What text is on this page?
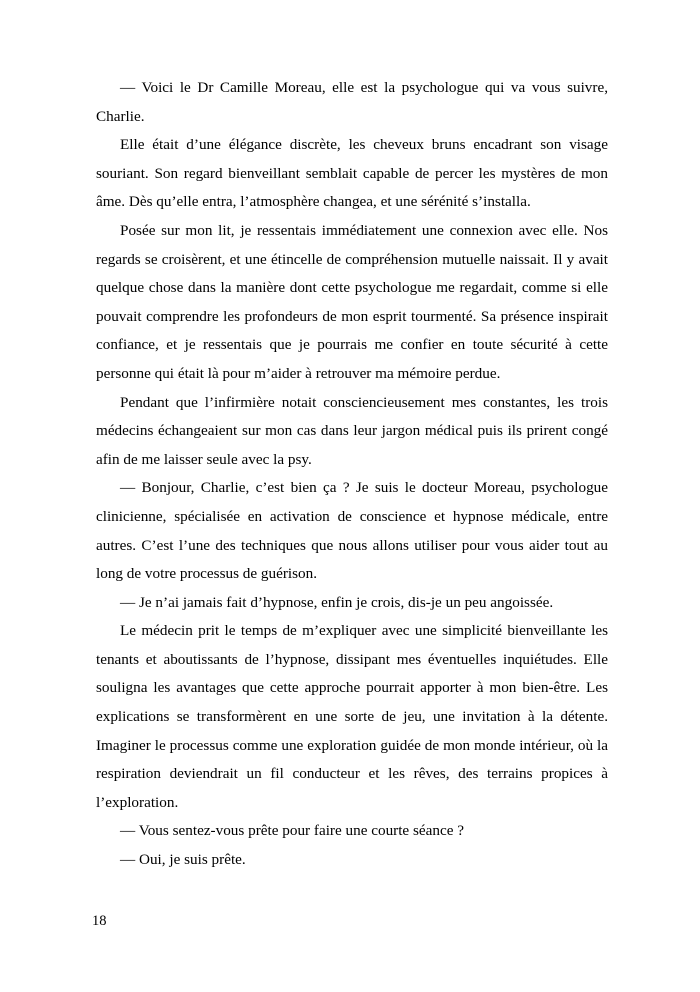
— Voici le Dr Camille Moreau, elle est la psychologue qui va vous suivre, Charlie.

Elle était d’une élégance discrète, les cheveux bruns encadrant son visage souriant. Son regard bienveillant semblait capable de percer les mystères de mon âme. Dès qu’elle entra, l’atmosphère changea, et une sérénité s’installa.

Posée sur mon lit, je ressentais immédiatement une connexion avec elle. Nos regards se croisèrent, et une étincelle de compréhension mutuelle naissait. Il y avait quelque chose dans la manière dont cette psychologue me regardait, comme si elle pouvait comprendre les profondeurs de mon esprit tourmenté. Sa présence inspirait confiance, et je ressentais que je pourrais me confier en toute sécurité à cette personne qui était là pour m’aider à retrouver ma mémoire perdue.

Pendant que l’infirmière notait consciencieusement mes constantes, les trois médecins échangeaient sur mon cas dans leur jargon médical puis ils prirent congé afin de me laisser seule avec la psy.

— Bonjour, Charlie, c’est bien ça ? Je suis le docteur Moreau, psychologue clinicienne, spécialisée en activation de conscience et hypnose médicale, entre autres. C’est l’une des techniques que nous allons utiliser pour vous aider tout au long de votre processus de guérison.

— Je n’ai jamais fait d’hypnose, enfin je crois, dis-je un peu angoissée.

Le médecin prit le temps de m’expliquer avec une simplicité bienveillante les tenants et aboutissants de l’hypnose, dissipant mes éventuelles inquiétudes. Elle souligna les avantages que cette approche pourrait apporter à mon bien-être. Les explications se transformèrent en une sorte de jeu, une invitation à la détente. Imaginer le processus comme une exploration guidée de mon monde intérieur, où la respiration deviendrait un fil conducteur et les rêves, des terrains propices à l’exploration.

— Vous sentez-vous prête pour faire une courte séance ?

— Oui, je suis prête.

18
